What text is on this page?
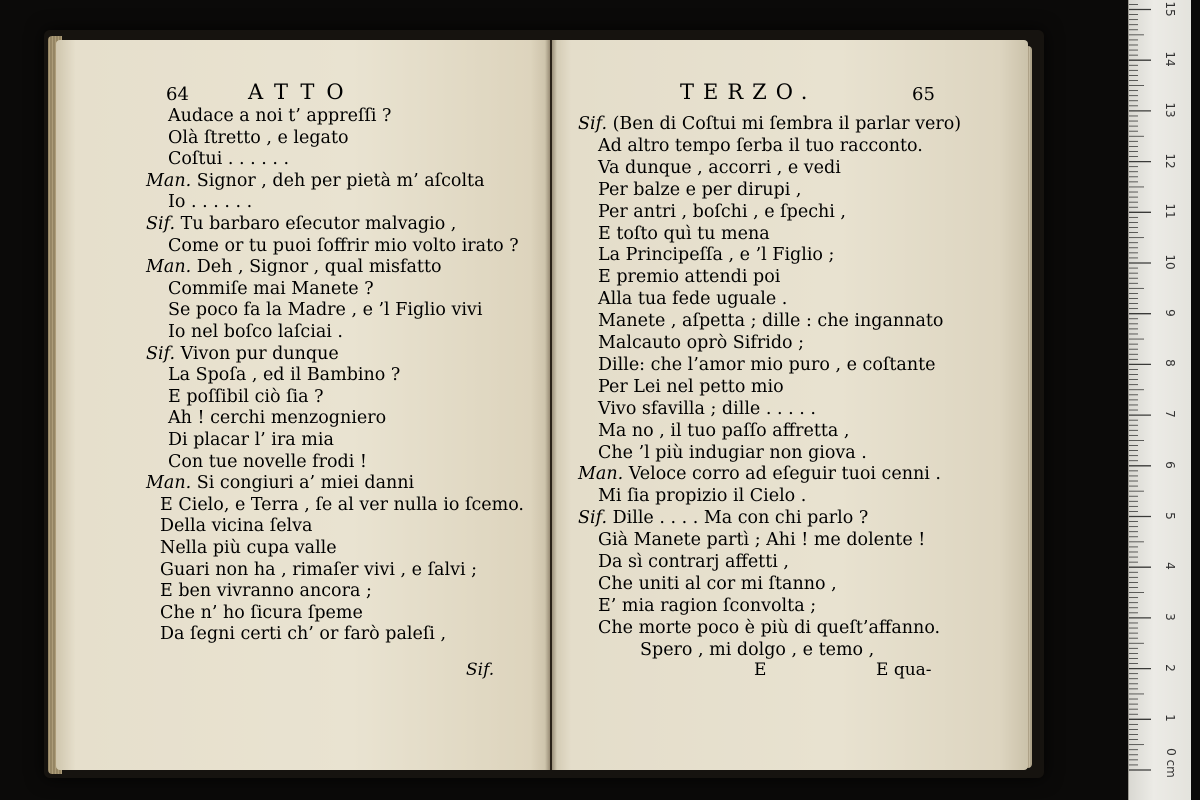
64	ATTO	TERZO.	65
Audace a noi t’ appreſſi ?
Olà ſtretto , e legato
Coſtui . . . . . .
Man. Signor , deh per pietà m’ aſcolta
Io . . . . . .
Sif. Tu barbaro eſecutor malvagio ,
Come or tu puoi ſoffrir mio volto irato ?
Man. Deh , Signor , qual misfatto
Commiſe mai Manete ?
Se poco fa la Madre , e ’l Figlio vivi
Io nel boſco laſciai .
Sif. Vivon pur dunque
La Spoſa , ed il Bambino ?
E poſſibil ciò ſia ?
Ah ! cerchi menzogniero
Di placar l’ ira mia
Con tue novelle frodi !
Man. Si congiuri a’ miei danni
E Cielo, e Terra , ſe al ver nulla io ſcemo.
Della vicina ſelva
Nella più cupa valle
Guari non ha , rimaſer vivi , e ſalvi ;
E ben vivranno ancora ;
Che n’ ho ſicura ſpeme
Da ſegni certi ch’ or farò paleſi ,
Sif. (Ben di Coſtui mi ſembra il parlar vero)
Ad altro tempo ſerba il tuo racconto.
Va dunque , accorri , e vedi
Per balze e per dirupi ,
Per antri , boſchi , e ſpechi ,
E toſto quì tu mena
La Principeſſa , e ’l Figlio ;
E premio attendi poi
Alla tua fede uguale .
Manete , aſpetta ; dille : che ingannato
Malcauto oprò Sifrido ;
Dille: che l’amor mio puro , e coſtante
Per Lei nel petto mio
Vivo sfavilla ; dille . . . . .
Ma no , il tuo paſſo affretta ,
Che ’l più indugiar non giova .
Man. Veloce corro ad eſeguir tuoi cenni .
Mi ſia propizio il Cielo .
Sif. Dille . . . . Ma con chi parlo ?
Già Manete partì ; Ahi ! me dolente !
Da sì contrarj affetti ,
Che uniti al cor mi ſtanno ,
E’ mia ragion ſconvolta ;
Che morte poco è più di queſt’affanno.
Spero , mi dolgo , e temo ,
Sif.	E	E qua-
0 cm
1
2
3
4
5
6
7
8
9
10
11
12
13
14
15
